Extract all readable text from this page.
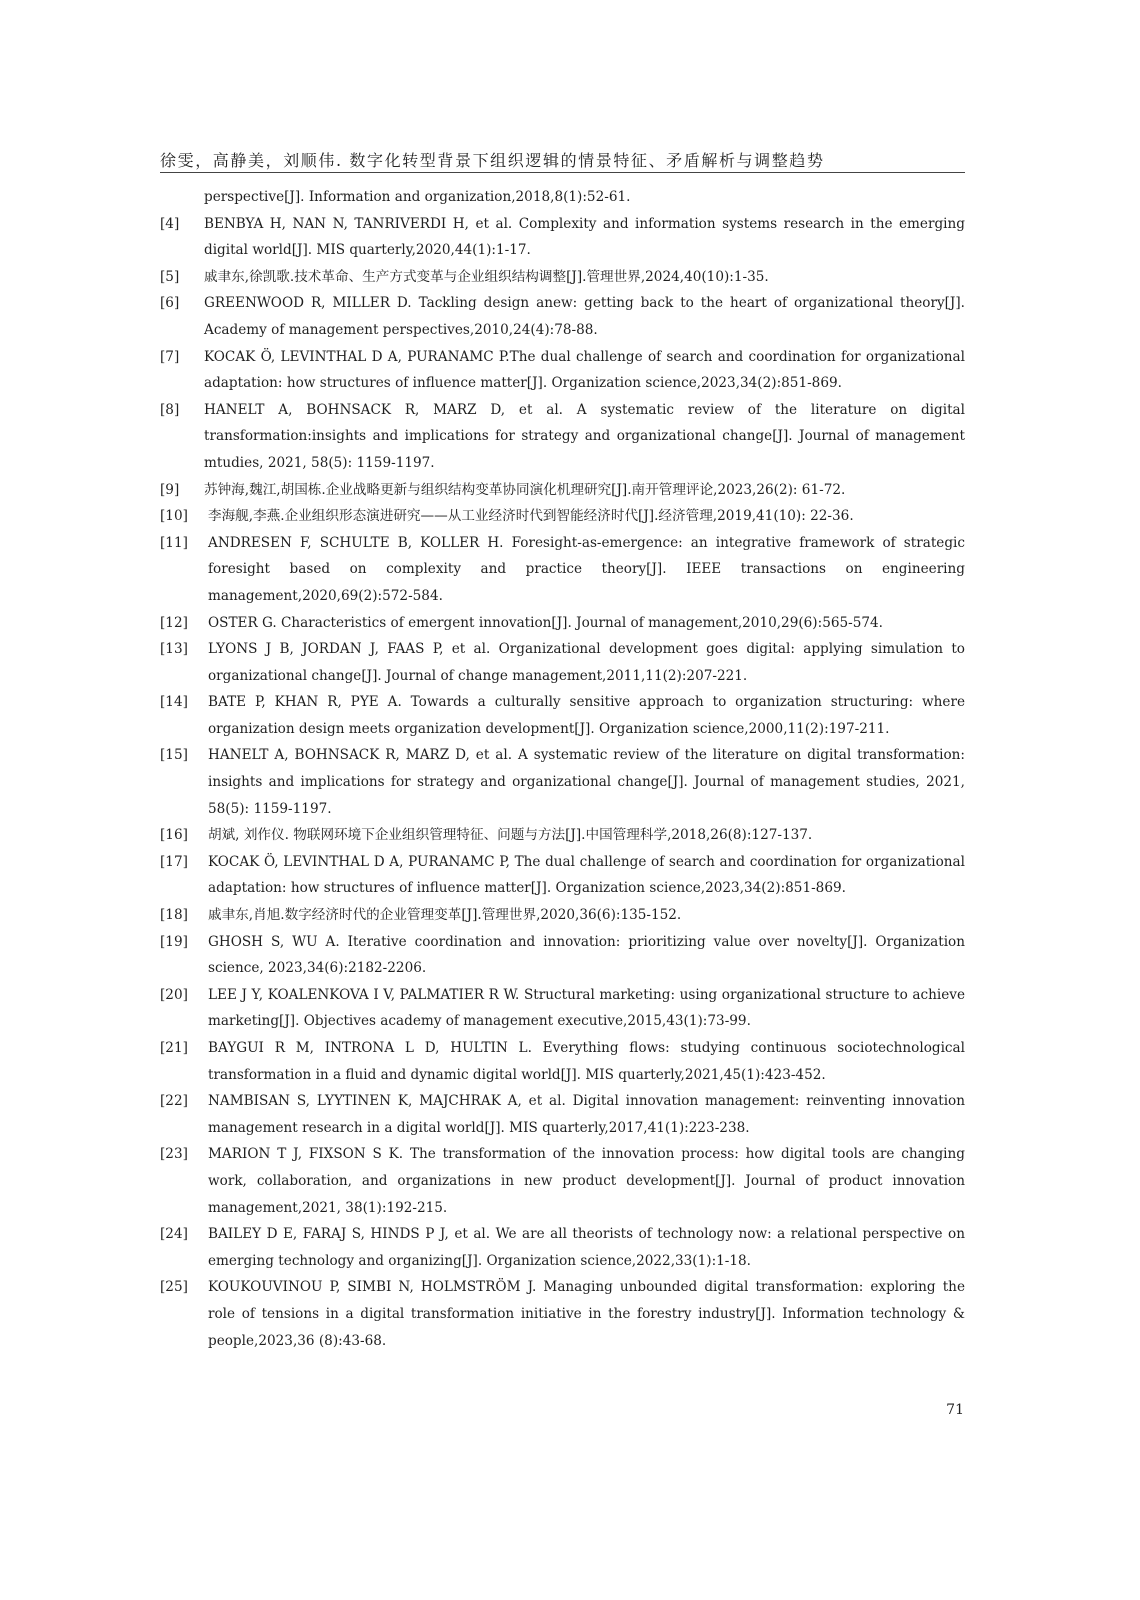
徐雯，高静美，刘顺伟. 数字化转型背景下组织逻辑的情景特征、矛盾解析与调整趋势
perspective[J]. Information and organization,2018,8(1):52-61.
[4] BENBYA H, NAN N, TANRIVERDI H, et al. Complexity and information systems research in the emerging digital world[J]. MIS quarterly,2020,44(1):1-17.
[5] 戚聿东,徐凯歌.技术革命、生产方式变革与企业组织结构调整[J].管理世界,2024,40(10):1-35.
[6] GREENWOOD R, MILLER D. Tackling design anew: getting back to the heart of organizational theory[J]. Academy of management perspectives,2010,24(4):78-88.
[7] KOCAK Ö, LEVINTHAL D A, PURANAMC P.The dual challenge of search and coordination for organizational adaptation: how structures of influence matter[J]. Organization science,2023,34(2):851-869.
[8] HANELT A, BOHNSACK R, MARZ D, et al. A systematic review of the literature on digital transformation:insights and implications for strategy and organizational change[J]. Journal of management mtudies, 2021, 58(5): 1159-1197.
[9] 苏钟海,魏江,胡国栋.企业战略更新与组织结构变革协同演化机理研究[J].南开管理评论,2023,26(2): 61-72.
[10] 李海舰,李燕.企业组织形态演进研究——从工业经济时代到智能经济时代[J].经济管理,2019,41(10): 22-36.
[11] ANDRESEN F, SCHULTE B, KOLLER H. Foresight-as-emergence: an integrative framework of strategic foresight based on complexity and practice theory[J]. IEEE transactions on engineering management,2020,69(2):572-584.
[12] OSTER G. Characteristics of emergent innovation[J]. Journal of management,2010,29(6):565-574.
[13] LYONS J B, JORDAN J, FAAS P, et al. Organizational development goes digital: applying simulation to organizational change[J]. Journal of change management,2011,11(2):207-221.
[14] BATE P, KHAN R, PYE A. Towards a culturally sensitive approach to organization structuring: where organization design meets organization development[J]. Organization science,2000,11(2):197-211.
[15] HANELT A, BOHNSACK R, MARZ D, et al. A systematic review of the literature on digital transformation: insights and implications for strategy and organizational change[J]. Journal of management studies, 2021, 58(5): 1159-1197.
[16] 胡斌, 刘作仪. 物联网环境下企业组织管理特征、问题与方法[J].中国管理科学,2018,26(8):127-137.
[17] KOCAK Ö, LEVINTHAL D A, PURANAMC P, The dual challenge of search and coordination for organizational adaptation: how structures of influence matter[J]. Organization science,2023,34(2):851-869.
[18] 戚聿东,肖旭.数字经济时代的企业管理变革[J].管理世界,2020,36(6):135-152.
[19] GHOSH S, WU A. Iterative coordination and innovation: prioritizing value over novelty[J]. Organization science, 2023,34(6):2182-2206.
[20] LEE J Y, KOALENKOVA I V, PALMATIER R W. Structural marketing: using organizational structure to achieve marketing[J]. Objectives academy of management executive,2015,43(1):73-99.
[21] BAYGUI R M, INTRONA L D, HULTIN L. Everything flows: studying continuous sociotechnological transformation in a fluid and dynamic digital world[J]. MIS quarterly,2021,45(1):423-452.
[22] NAMBISAN S, LYYTINEN K, MAJCHRAK A, et al. Digital innovation management: reinventing innovation management research in a digital world[J]. MIS quarterly,2017,41(1):223-238.
[23] MARION T J, FIXSON S K. The transformation of the innovation process: how digital tools are changing work, collaboration, and organizations in new product development[J]. Journal of product innovation management,2021, 38(1):192-215.
[24] BAILEY D E, FARAJ S, HINDS P J, et al. We are all theorists of technology now: a relational perspective on emerging technology and organizing[J]. Organization science,2022,33(1):1-18.
[25] KOUKOUVINOU P, SIMBI N, HOLMSTRÖM J. Managing unbounded digital transformation: exploring the role of tensions in a digital transformation initiative in the forestry industry[J]. Information technology & people,2023,36 (8):43-68.
71
